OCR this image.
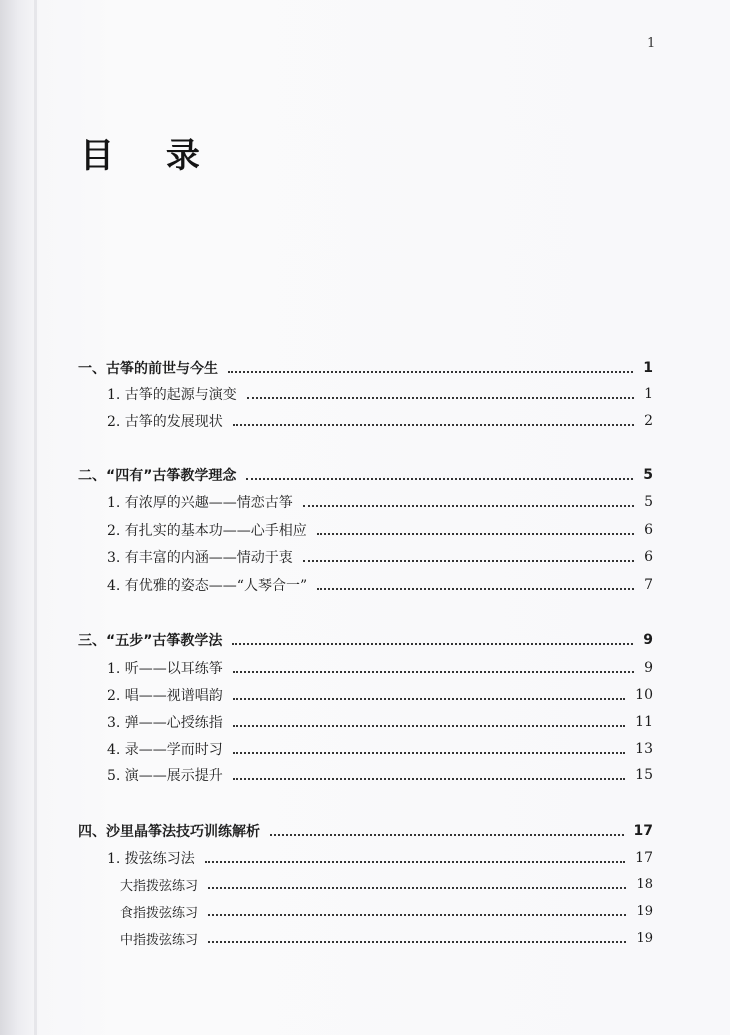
1
目 录
一、古筝的前世与今生	1
1. 古筝的起源与演变	1
2. 古筝的发展现状	2
二、“四有”古筝教学理念	5
1. 有浓厚的兴趣——情恋古筝	5
2. 有扎实的基本功——心手相应	6
3. 有丰富的内涵——情动于衷	6
4. 有优雅的姿态——“人琴合一”	7
三、“五步”古筝教学法	9
1. 听——以耳练筝	9
2. 唱——视谱唱韵	10
3. 弹——心授练指	11
4. 录——学而时习	13
5. 演——展示提升	15
四、沙里晶筝法技巧训练解析	17
1. 拨弦练习法	17
大指拨弦练习	18
食指拨弦练习	19
中指拨弦练习	19
